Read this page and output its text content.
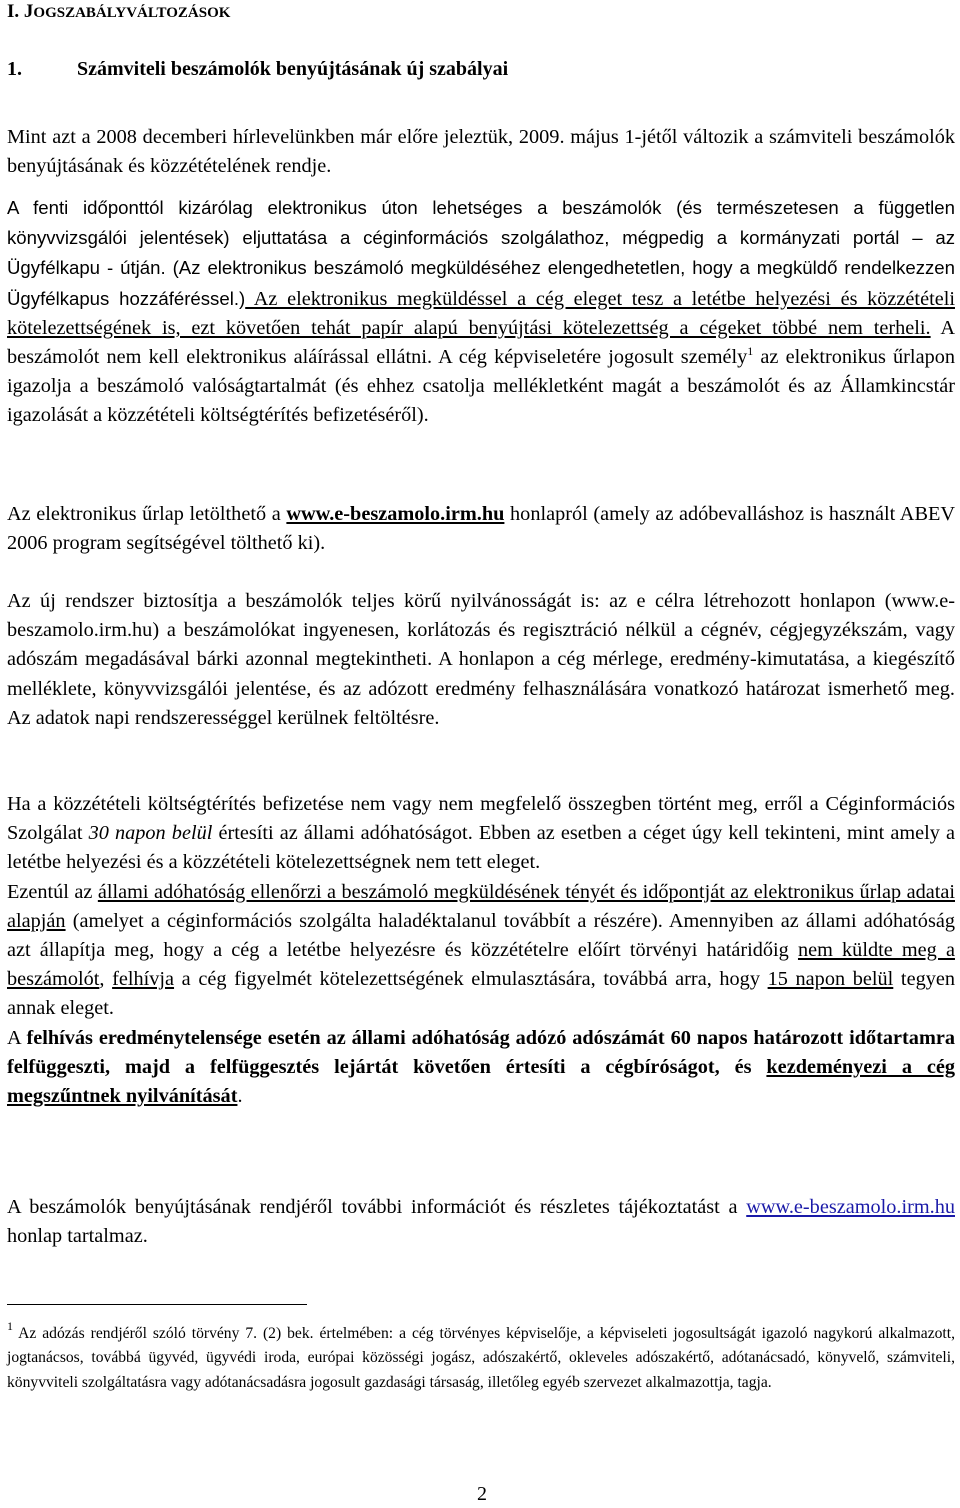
I. JOGSZABÁLYVÁLTOZÁSOK
1.	Számviteli beszámolók benyújtásának új szabályai

Mint azt a 2008 decemberi hírlevelünkben már előre jeleztük, 2009. május 1-jétől változik a számviteli beszámolók benyújtásának és közzétételének rendje.

A fenti időponttól kizárólag elektronikus úton lehetséges a beszámolók (és természetesen a független könyvvizsgálói jelentések) eljuttatása a céginformációs szolgálathoz, mégpedig a kormányzati portál – az Ügyfélkapu - útján. (Az elektronikus beszámoló megküldéséhez elengedhetetlen, hogy a megküldő rendelkezzen Ügyfélkapus hozzáféréssel.) Az elektronikus megküldéssel a cég eleget tesz a letétbe helyezési és közzétételi kötelezettségének is, ezt követően tehát papír alapú benyújtási kötelezettség a cégeket többé nem terheli. A beszámolót nem kell elektronikus aláírással ellátni. A cég képviseletére jogosult személy$^1$ az elektronikus űrlapon igazolja a beszámoló valóságtartalmát (és ehhez csatolja mellékletként magát a beszámolót és az Államkincstár igazolását a közzétételi költségtérítés befizetéséről).

Az elektronikus űrlap letölthető a www.e-beszamolo.irm.hu honlapról (amely az adóbevalláshoz is használt ABEV 2006 program segítségével tölthető ki).

Az új rendszer biztosítja a beszámolók teljes körű nyilvánosságát is: az e célra létrehozott honlapon (www.e-beszamolo.irm.hu) a beszámolókat ingyenesen, korlátozás és regisztráció nélkül a cégnév, cégjegyzékszám, vagy adószám megadásával bárki azonnal megtekintheti. A honlapon a cég mérlege, eredmény-kimutatása, a kiegészítő melléklete, könyvvizsgálói jelentése, és az adózott eredmény felhasználására vonatkozó határozat ismerhető meg. Az adatok napi rendszerességgel kerülnek feltöltésre.

Ha a közzétételi költségtérítés befizetése nem vagy nem megfelelő összegben történt meg, erről a Céginformációs Szolgálat 30 napon belül értesíti az állami adóhatóságot. Ebben az esetben a céget úgy kell tekinteni, mint amely a letétbe helyezési és a közzétételi kötelezettségnek nem tett eleget.
Ezentúl az állami adóhatóság ellenőrzi a beszámoló megküldésének tényét és időpontját az elektronikus űrlap adatai alapján (amelyet a céginformációs szolgálta haladéktalanul továbbít a részére). Amennyiben az állami adóhatóság azt állapítja meg, hogy a cég a letétbe helyezésre és közzétételre előírt törvényi határidőig nem küldte meg a beszámolót, felhívja a cég figyelmét kötelezettségének elmulasztására, továbbá arra, hogy 15 napon belül tegyen annak eleget.
A felhívás eredménytelensége esetén az állami adóhatóság adózó adószámát 60 napos határozott időtartamra felfüggeszti, majd a felfüggesztés lejártát követően értesíti a cégbíróságot, és kezdeményezi a cég megszűntnek nyilvánítását.

A beszámolók benyújtásának rendjéről további információt és részletes tájékoztatást a www.e-beszamolo.irm.hu honlap tartalmaz.

$^1$ Az adózás rendjéről szóló törvény 7. (2) bek. értelmében: a cég törvényes képviselője, a képviseleti jogosultságát igazoló nagykorú alkalmazott, jogtanácsos, továbbá ügyvéd, ügyvédi iroda, európai közösségi jogász, adószakértő, okleveles adószakértő, adótanácsadó, könyvelő, számviteli, könyvviteli szolgáltatásra vagy adótanácsadásra jogosult gazdasági társaság, illetőleg egyéb szervezet alkalmazottja, tagja.
2
